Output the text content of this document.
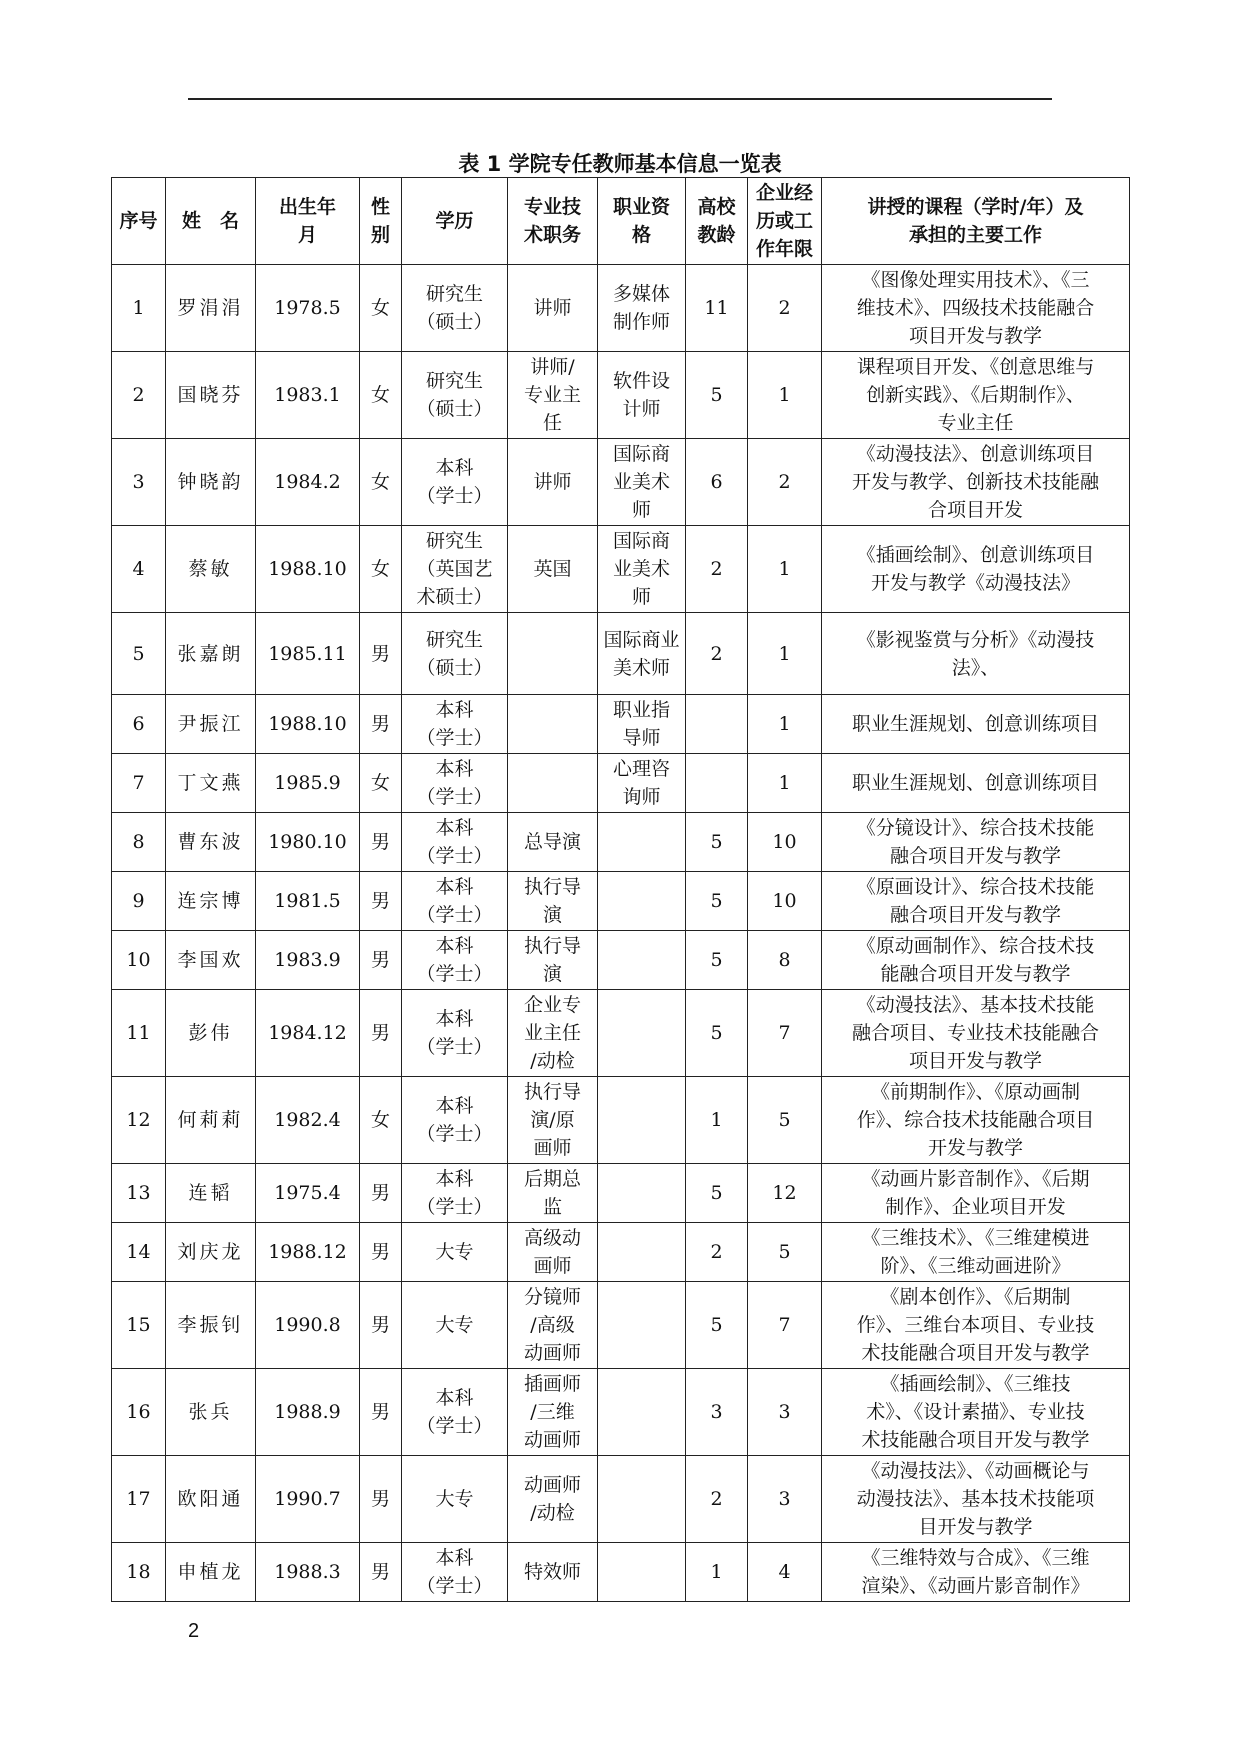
表 1 学院专任教师基本信息一览表
序号	姓　名	出生年
月	性
别	学历	专业技
术职务	职业资
格	高校
教龄	企业经
历或工
作年限	讲授的课程（学时/年）及
承担的主要工作
1	罗涓涓	1978.5	女	研究生
（硕士）	讲师	多媒体
制作师	11	2	《图像处理实用技术》、《三
维技术》、四级技术技能融合
项目开发与教学
2	国晓芬	1983.1	女	研究生
（硕士）	讲师/
专业主
任	软件设
计师	5	1	课程项目开发、《创意思维与
创新实践》、《后期制作》、
专业主任
3	钟晓韵	1984.2	女	本科
（学士）	讲师	国际商
业美术
师	6	2	《动漫技法》、创意训练项目
开发与教学、创新技术技能融
合项目开发
4	蔡敏	1988.10	女	研究生
（英国艺
术硕士）	英国	国际商
业美术
师	2	1	《插画绘制》、创意训练项目
开发与教学《动漫技法》
5	张嘉朗	1985.11	男	研究生
（硕士）		国际商业
美术师	2	1	《影视鉴赏与分析》《动漫技
法》、
6	尹振江	1988.10	男	本科
（学士）		职业指
导师		1	职业生涯规划、创意训练项目
7	丁文燕	1985.9	女	本科
（学士）		心理咨
询师		1	职业生涯规划、创意训练项目
8	曹东波	1980.10	男	本科
（学士）	总导演		5	10	《分镜设计》、综合技术技能
融合项目开发与教学
9	连宗博	1981.5	男	本科
（学士）	执行导
演		5	10	《原画设计》、综合技术技能
融合项目开发与教学
10	李国欢	1983.9	男	本科
（学士）	执行导
演		5	8	《原动画制作》、综合技术技
能融合项目开发与教学
11	彭伟	1984.12	男	本科
（学士）	企业专
业主任
/动检		5	7	《动漫技法》、基本技术技能
融合项目、专业技术技能融合
项目开发与教学
12	何莉莉	1982.4	女	本科
（学士）	执行导
演/原
画师		1	5	《前期制作》、《原动画制
作》、综合技术技能融合项目
开发与教学
13	连韬	1975.4	男	本科
（学士）	后期总
监		5	12	《动画片影音制作》、《后期
制作》、企业项目开发
14	刘庆龙	1988.12	男	大专	高级动
画师		2	5	《三维技术》、《三维建模进
阶》、《三维动画进阶》
15	李振钊	1990.8	男	大专	分镜师
/高级
动画师		5	7	《剧本创作》、《后期制
作》、三维台本项目、专业技
术技能融合项目开发与教学
16	张兵	1988.9	男	本科
（学士）	插画师
/三维
动画师		3	3	《插画绘制》、《三维技
术》、《设计素描》、专业技
术技能融合项目开发与教学
17	欧阳通	1990.7	男	大专	动画师
/动检		2	3	《动漫技法》、《动画概论与
动漫技法》、基本技术技能项
目开发与教学
18	申植龙	1988.3	男	本科
（学士）	特效师		1	4	《三维特效与合成》、《三维
渲染》、《动画片影音制作》
2
